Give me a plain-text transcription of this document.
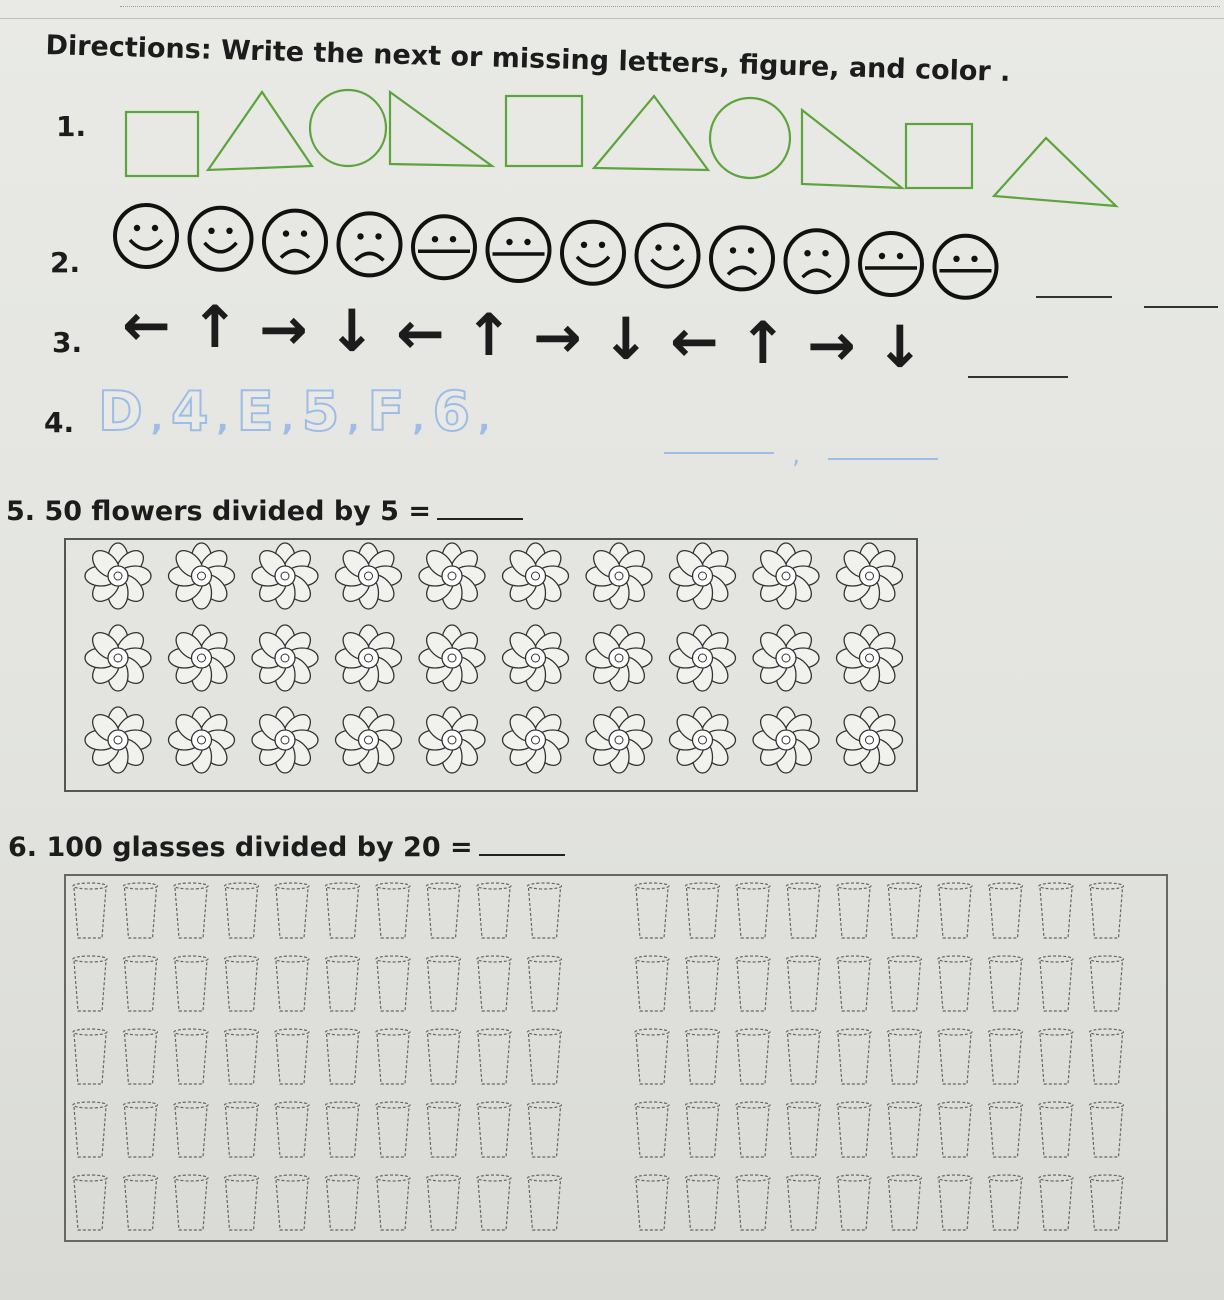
Directions: Write the next or missing letters, figure, and color .
1.
2.
3. ← ↑ → ↓ ← ↑ → ↓ ← ↑ → ↓
4. D , 4 , E , 5 , F , 6 ,
,
5. 50 flowers divided by 5 =
6. 100 glasses divided by 20 =
